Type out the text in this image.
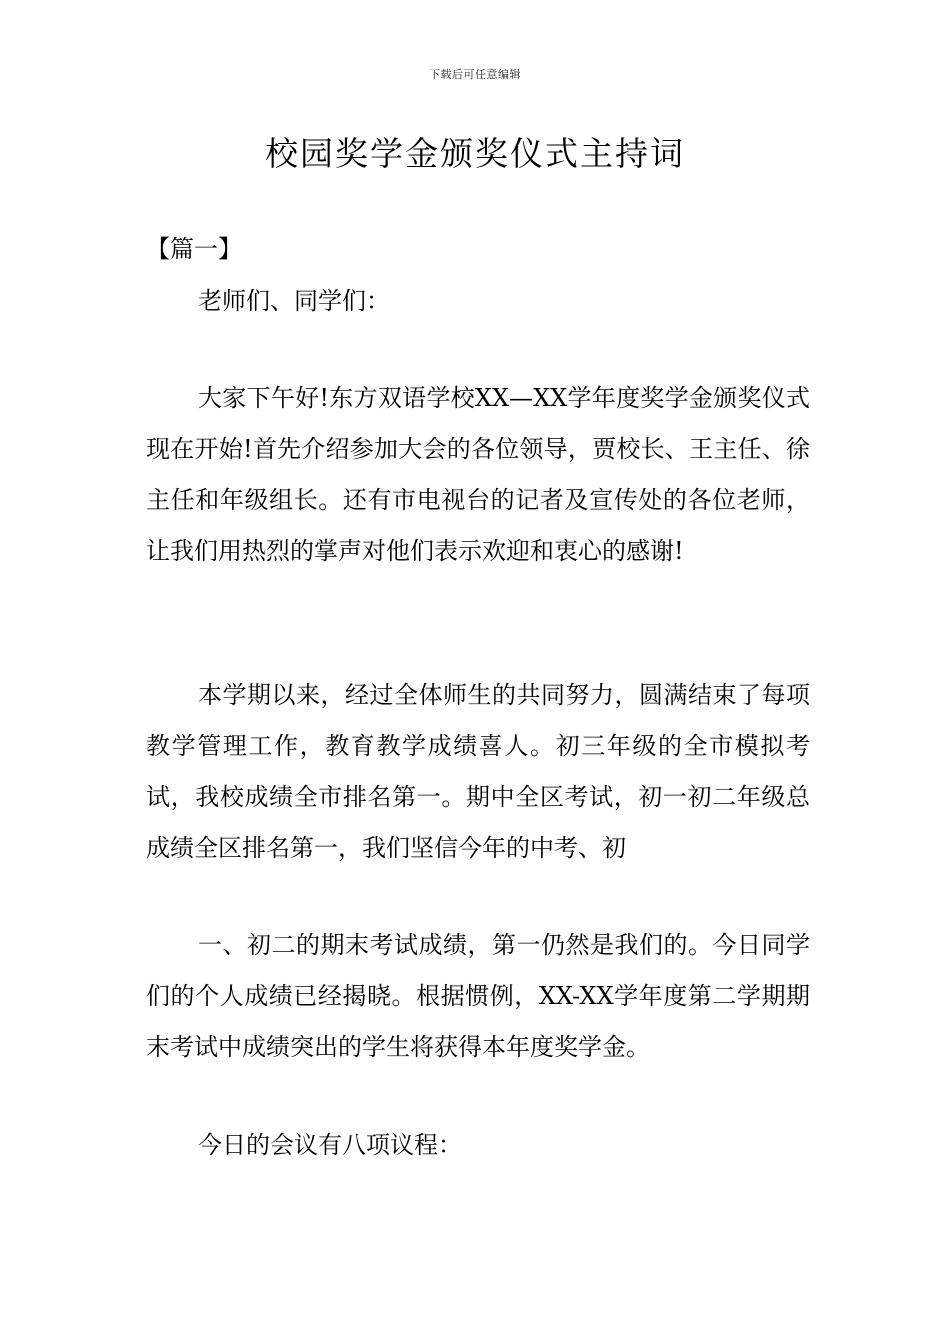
下载后可任意编辑
校园奖学金颁奖仪式主持词
【篇一】

老师们、同学们：

大家下午好!东方双语学校XX—XX学年度奖学金颁奖仪式现在开始!首先介绍参加大会的各位领导，贾校长、王主任、徐主任和年级组长。还有市电视台的记者及宣传处的各位老师，让我们用热烈的掌声对他们表示欢迎和衷心的感谢!

本学期以来，经过全体师生的共同努力，圆满结束了每项教学管理工作，教育教学成绩喜人。初三年级的全市模拟考试，我校成绩全市排名第一。期中全区考试，初一初二年级总成绩全区排名第一，我们坚信今年的中考、初

一、初二的期末考试成绩，第一仍然是我们的。今日同学们的个人成绩已经揭晓。根据惯例，XX-XX学年度第二学期期末考试中成绩突出的学生将获得本年度奖学金。

今日的会议有八项议程：
